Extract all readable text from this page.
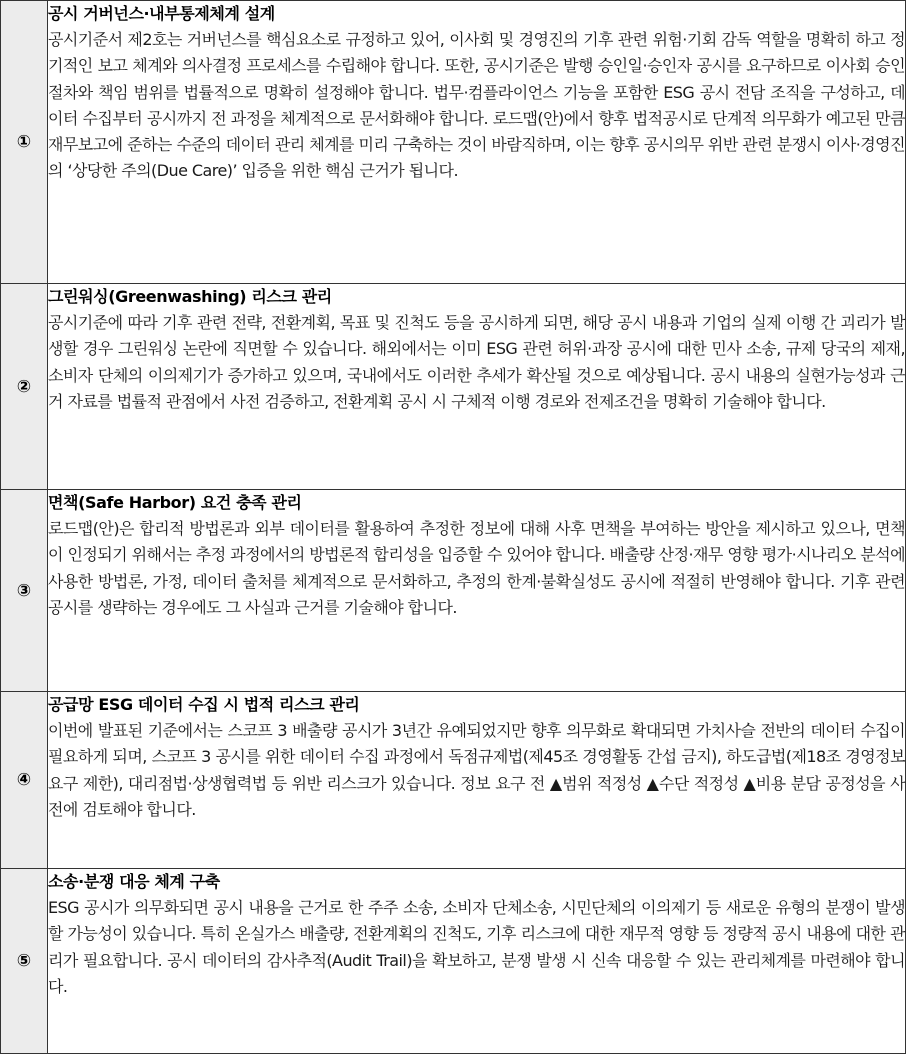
①	공시 거버넌스·내부통제체계 설계
공시기준서 제2호는 거버넌스를 핵심요소로 규정하고 있어, 이사회 및 경영진의 기후 관련 위험·기회 감독 역할을 명확히 하고 정기적인 보고 체계와 의사결정 프로세스를 수립해야 합니다. 또한, 공시기준은 발행 승인일·승인자 공시를 요구하므로 이사회 승인 절차와 책임 범위를 법률적으로 명확히 설정해야 합니다. 법무·컴플라이언스 기능을 포함한 ESG 공시 전담 조직을 구성하고, 데이터 수집부터 공시까지 전 과정을 체계적으로 문서화해야 합니다. 로드맵(안)에서 향후 법적공시로 단계적 의무화가 예고된 만큼 재무보고에 준하는 수준의 데이터 관리 체계를 미리 구축하는 것이 바람직하며, 이는 향후 공시의무 위반 관련 분쟁시 이사·경영진의 ‘상당한 주의(Due Care)’ 입증을 위한 핵심 근거가 됩니다.

②	그린워싱(Greenwashing) 리스크 관리
공시기준에 따라 기후 관련 전략, 전환계획, 목표 및 진척도 등을 공시하게 되면, 해당 공시 내용과 기업의 실제 이행 간 괴리가 발생할 경우 그린워싱 논란에 직면할 수 있습니다. 해외에서는 이미 ESG 관련 허위·과장 공시에 대한 민사 소송, 규제 당국의 제재, 소비자 단체의 이의제기가 증가하고 있으며, 국내에서도 이러한 추세가 확산될 것으로 예상됩니다. 공시 내용의 실현가능성과 근거 자료를 법률적 관점에서 사전 검증하고, 전환계획 공시 시 구체적 이행 경로와 전제조건을 명확히 기술해야 합니다.

③	면책(Safe Harbor) 요건 충족 관리
로드맵(안)은 합리적 방법론과 외부 데이터를 활용하여 추정한 정보에 대해 사후 면책을 부여하는 방안을 제시하고 있으나, 면책이 인정되기 위해서는 추정 과정에서의 방법론적 합리성을 입증할 수 있어야 합니다. 배출량 산정·재무 영향 평가·시나리오 분석에 사용한 방법론, 가정, 데이터 출처를 체계적으로 문서화하고, 추정의 한계·불확실성도 공시에 적절히 반영해야 합니다. 기후 관련 공시를 생략하는 경우에도 그 사실과 근거를 기술해야 합니다.

④	공급망 ESG 데이터 수집 시 법적 리스크 관리
이번에 발표된 기준에서는 스코프 3 배출량 공시가 3년간 유예되었지만 향후 의무화로 확대되면 가치사슬 전반의 데이터 수집이 필요하게 되며, 스코프 3 공시를 위한 데이터 수집 과정에서 독점규제법(제45조 경영활동 간섭 금지), 하도급법(제18조 경영정보 요구 제한), 대리점법·상생협력법 등 위반 리스크가 있습니다. 정보 요구 전 ▲범위 적정성 ▲수단 적정성 ▲비용 분담 공정성을 사전에 검토해야 합니다.

⑤	소송·분쟁 대응 체계 구축
ESG 공시가 의무화되면 공시 내용을 근거로 한 주주 소송, 소비자 단체소송, 시민단체의 이의제기 등 새로운 유형의 분쟁이 발생할 가능성이 있습니다. 특히 온실가스 배출량, 전환계획의 진척도, 기후 리스크에 대한 재무적 영향 등 정량적 공시 내용에 대한 관리가 필요합니다. 공시 데이터의 감사추적(Audit Trail)을 확보하고, 분쟁 발생 시 신속 대응할 수 있는 관리체계를 마련해야 합니다.
